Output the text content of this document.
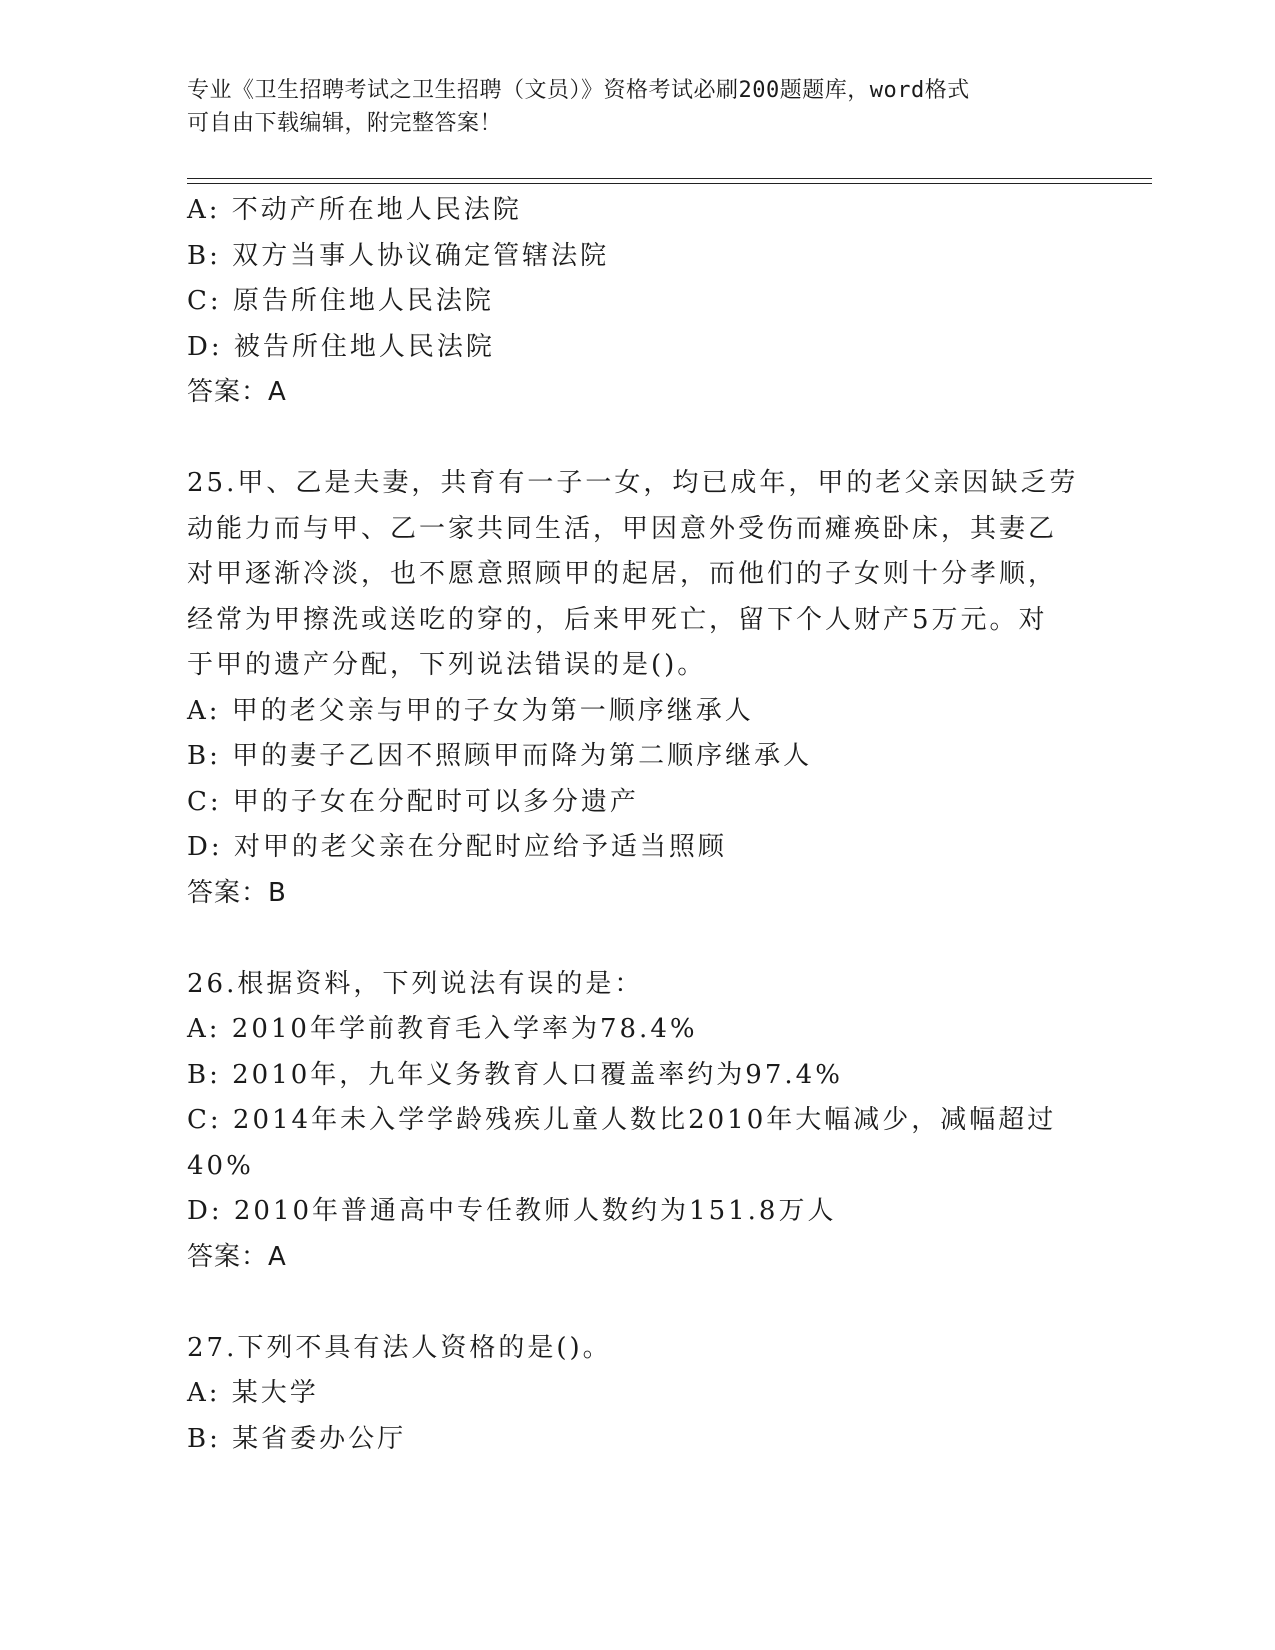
专业《卫生招聘考试之卫生招聘（文员）》资格考试必刷200题题库，word格式
可自由下载编辑，附完整答案！
A: 不动产所在地人民法院
B: 双方当事人协议确定管辖法院
C: 原告所住地人民法院
D: 被告所住地人民法院
答案：A
25.甲、乙是夫妻，共育有一子一女，均已成年，甲的老父亲因缺乏劳
动能力而与甲、乙一家共同生活，甲因意外受伤而瘫痪卧床，其妻乙
对甲逐渐冷淡，也不愿意照顾甲的起居，而他们的子女则十分孝顺，
经常为甲擦洗或送吃的穿的，后来甲死亡，留下个人财产5万元。对
于甲的遗产分配，下列说法错误的是()。
A: 甲的老父亲与甲的子女为第一顺序继承人
B: 甲的妻子乙因不照顾甲而降为第二顺序继承人
C: 甲的子女在分配时可以多分遗产
D: 对甲的老父亲在分配时应给予适当照顾
答案：B
26.根据资料，下列说法有误的是：
A: 2010年学前教育毛入学率为78.4%
B: 2010年，九年义务教育人口覆盖率约为97.4%
C: 2014年未入学学龄残疾儿童人数比2010年大幅减少，减幅超过
40%
D: 2010年普通高中专任教师人数约为151.8万人
答案：A
27.下列不具有法人资格的是()。
A: 某大学
B: 某省委办公厅
